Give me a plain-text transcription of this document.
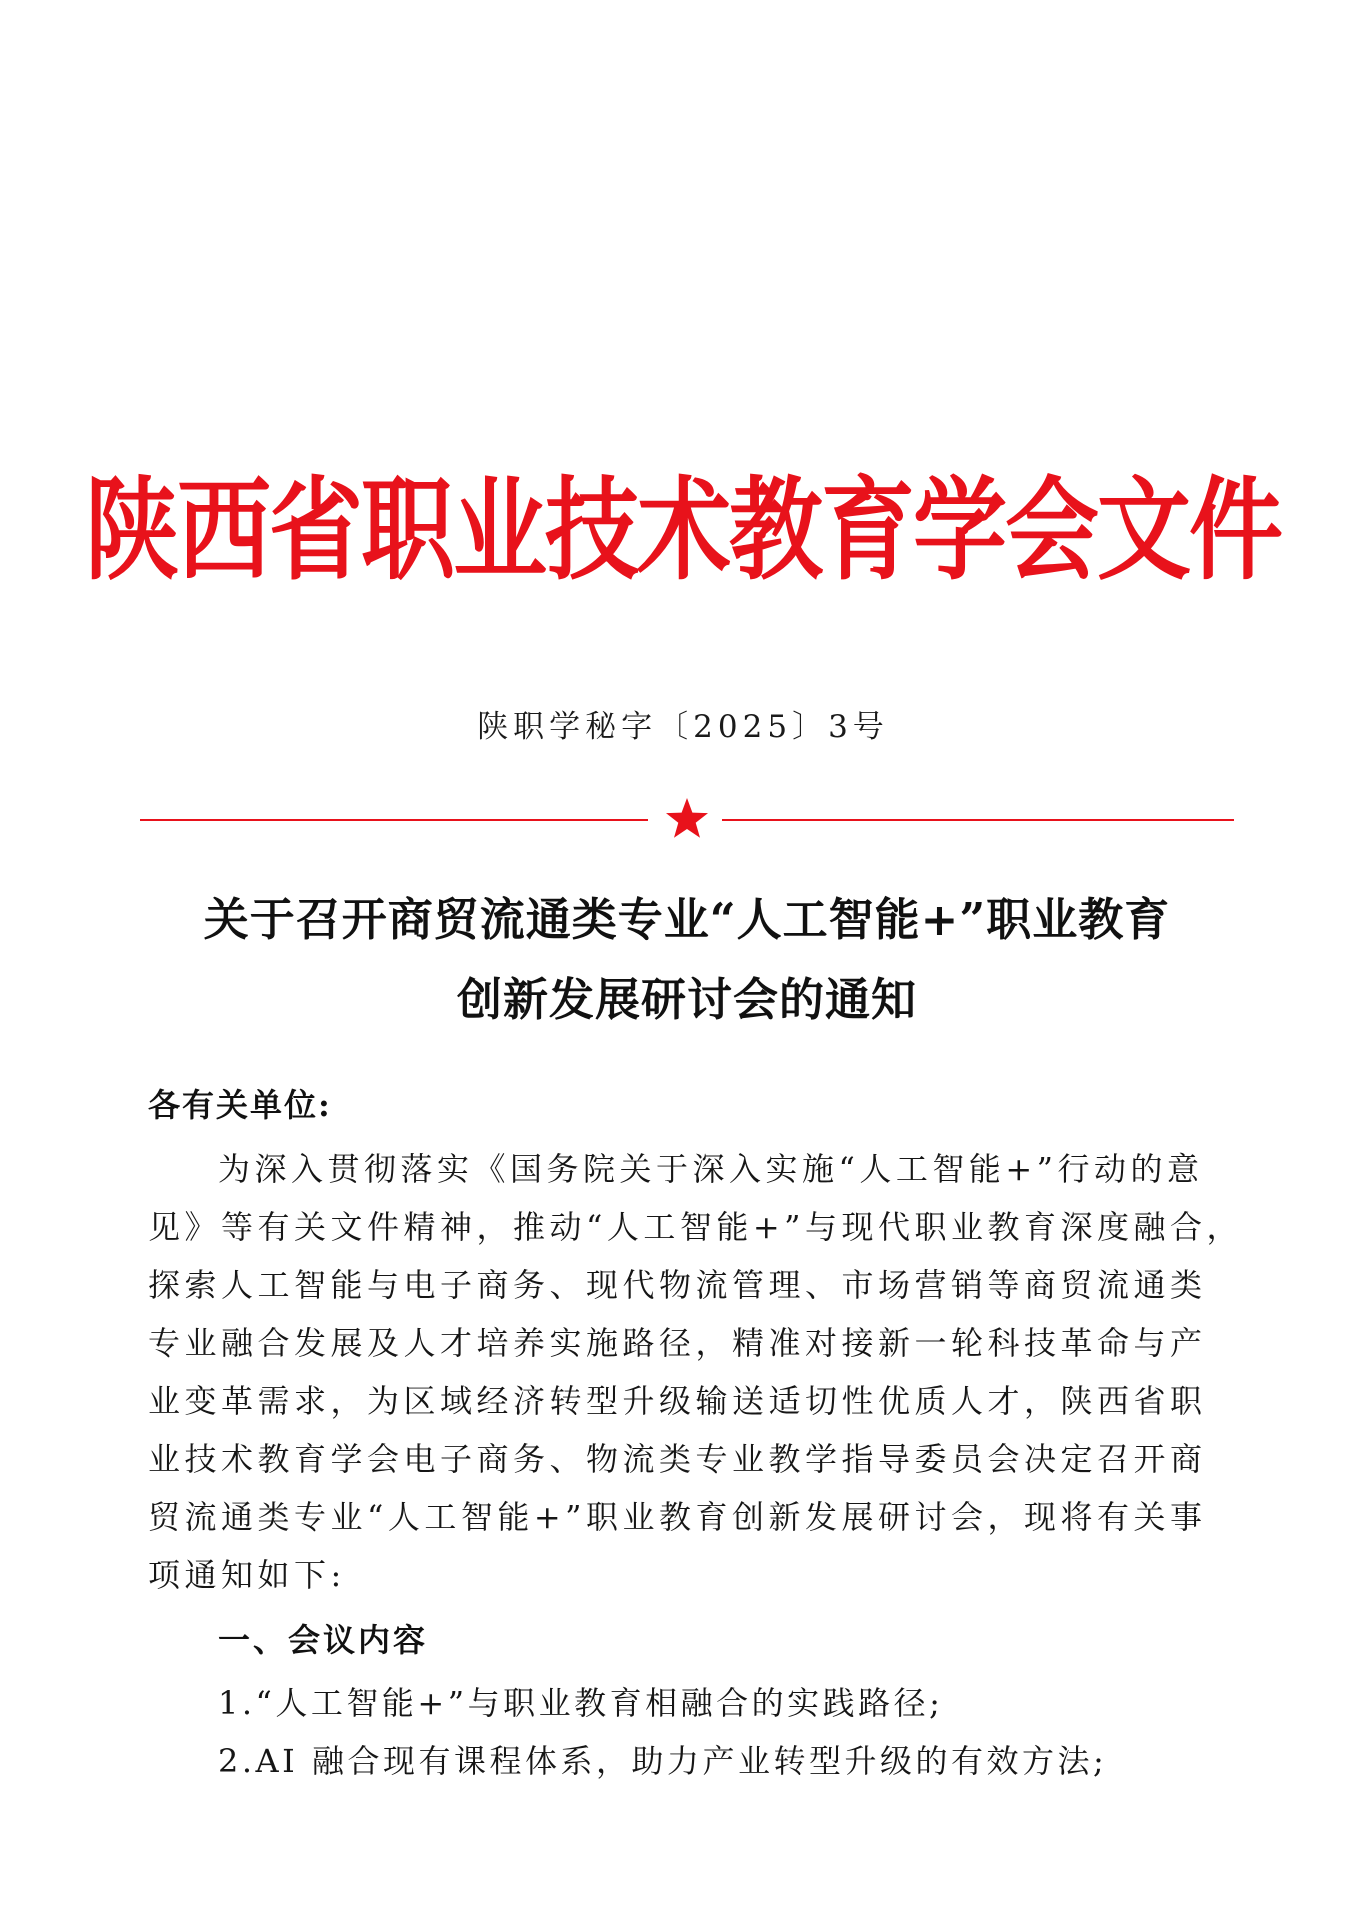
陕西省职业技术教育学会文件
陕职学秘字〔2025〕3号
关于召开商贸流通类专业“人工智能+”职业教育
创新发展研讨会的通知
各有关单位:
为深入贯彻落实《国务院关于深入实施“人工智能+”行动的意
见》等有关文件精神，推动“人工智能+”与现代职业教育深度融合，
探索人工智能与电子商务、现代物流管理、市场营销等商贸流通类
专业融合发展及人才培养实施路径，精准对接新一轮科技革命与产
业变革需求，为区域经济转型升级输送适切性优质人才，陕西省职
业技术教育学会电子商务、物流类专业教学指导委员会决定召开商
贸流通类专业“人工智能+”职业教育创新发展研讨会，现将有关事
项通知如下:
一、会议内容
1.“人工智能+”与职业教育相融合的实践路径;
2.AI 融合现有课程体系，助力产业转型升级的有效方法;
